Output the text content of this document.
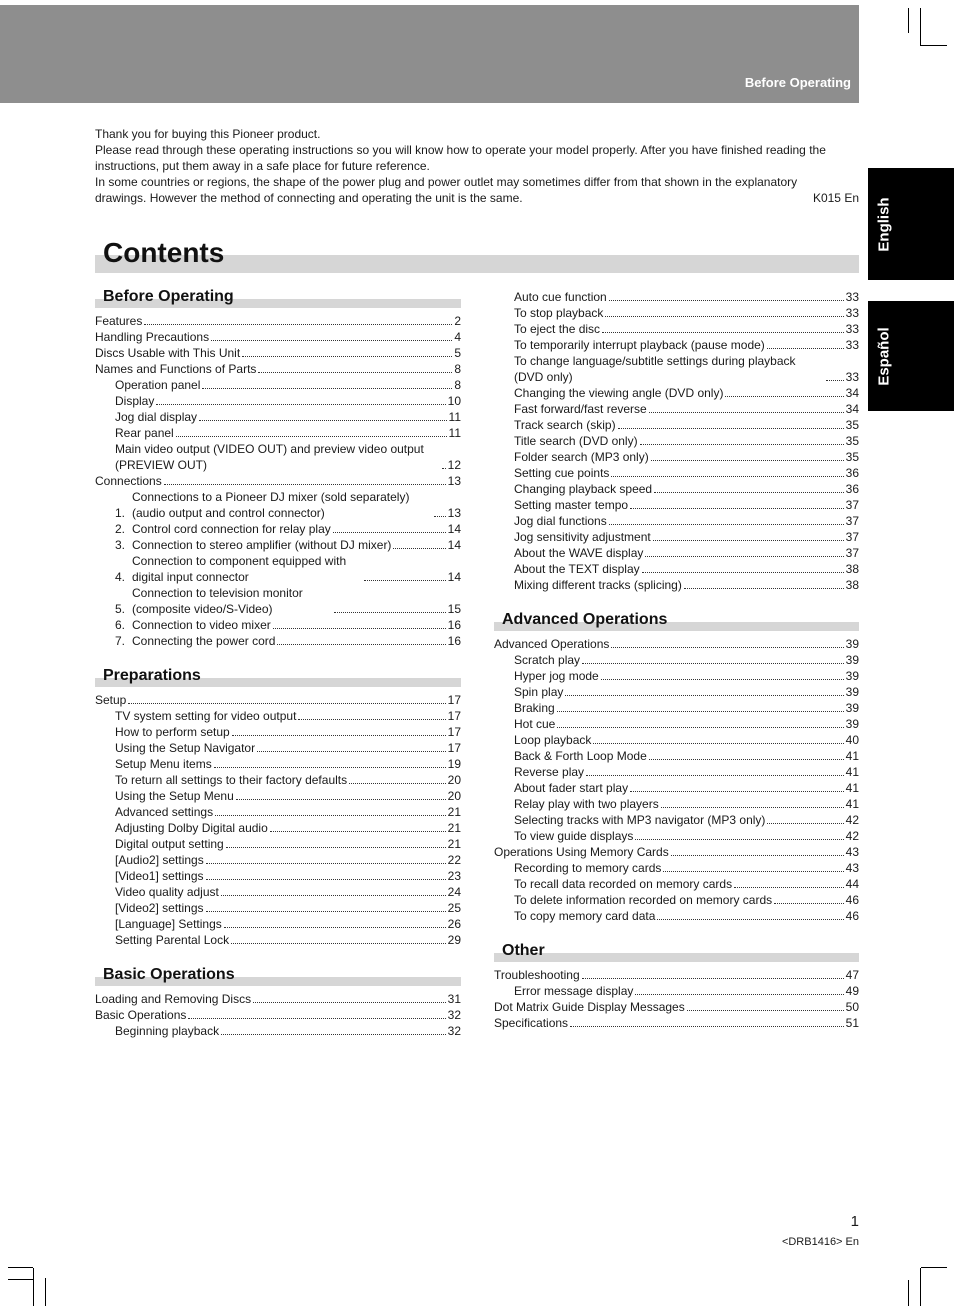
Before Operating
English
Español

Thank you for buying this Pioneer product.

Please read through these operating instructions so you will know how to operate your model properly. After you have finished reading the instructions, put them away in a safe place for future reference.

In some countries or regions, the shape of the power plug and power outlet may sometimes differ from that shown in the explanatory

drawings. However the method of connecting and operating the unit is the same.	K015 En
Contents
Before Operating
Features	2
Handling Precautions	4
Discs Usable with This Unit	5
Names and Functions of Parts	8
Operation panel	8
Display	10
Jog dial display	11
Rear panel	11
Main video output (VIDEO OUT) and preview video output (PREVIEW OUT)	12
Connections	13
1.
Connections to a Pioneer DJ mixer (sold separately) (audio output and control connector)	13
2. Control cord connection for relay play	14
3. Connection to stereo amplifier (without DJ mixer)	14
4.
Connection to component equipped with digital input connector	14
5.
Connection to television monitor (composite video/S-Video)	15
6. Connection to video mixer	16
7. Connecting the power cord	16
Preparations
Setup	17
TV system setting for video output	17
How to perform setup	17
Using the Setup Navigator	17
Setup Menu items	19
To return all settings to their factory defaults	20
Using the Setup Menu	20
Advanced settings	21
Adjusting Dolby Digital audio	21
Digital output setting	21
[Audio2] settings	22
[Video1] settings	23
Video quality adjust	24
[Video2] settings	25
[Language] Settings	26
Setting Parental Lock	29
Basic Operations
Loading and Removing Discs	31
Basic Operations	32
Beginning playback	32
Auto cue function	33
To stop playback	33
To eject the disc	33
To temporarily interrupt playback (pause mode)	33
To change language/subtitle settings during playback (DVD only)	33
Changing the viewing angle (DVD only)	34
Fast forward/fast reverse	34
Track search (skip)	35
Title search (DVD only)	35
Folder search (MP3 only)	35
Setting cue points	36
Changing playback speed	36
Setting master tempo	37
Jog dial functions	37
Jog sensitivity adjustment	37
About the WAVE display	37
About the TEXT display	38
Mixing different tracks (splicing)	38
Advanced Operations
Advanced Operations	39
Scratch play	39
Hyper jog mode	39
Spin play	39
Braking	39
Hot cue	39
Loop playback	40
Back & Forth Loop Mode	41
Reverse play	41
About fader start play	41
Relay play with two players	41
Selecting tracks with MP3 navigator (MP3 only)	42
To view guide displays	42
Operations Using Memory Cards	43
Recording to memory cards	43
To recall data recorded on memory cards	44
To delete information recorded on memory cards	46
To copy memory card data	46
Other
Troubleshooting	47
Error message display	49
Dot Matrix Guide Display Messages	50
Specifications	51
1
<DRB1416> En
